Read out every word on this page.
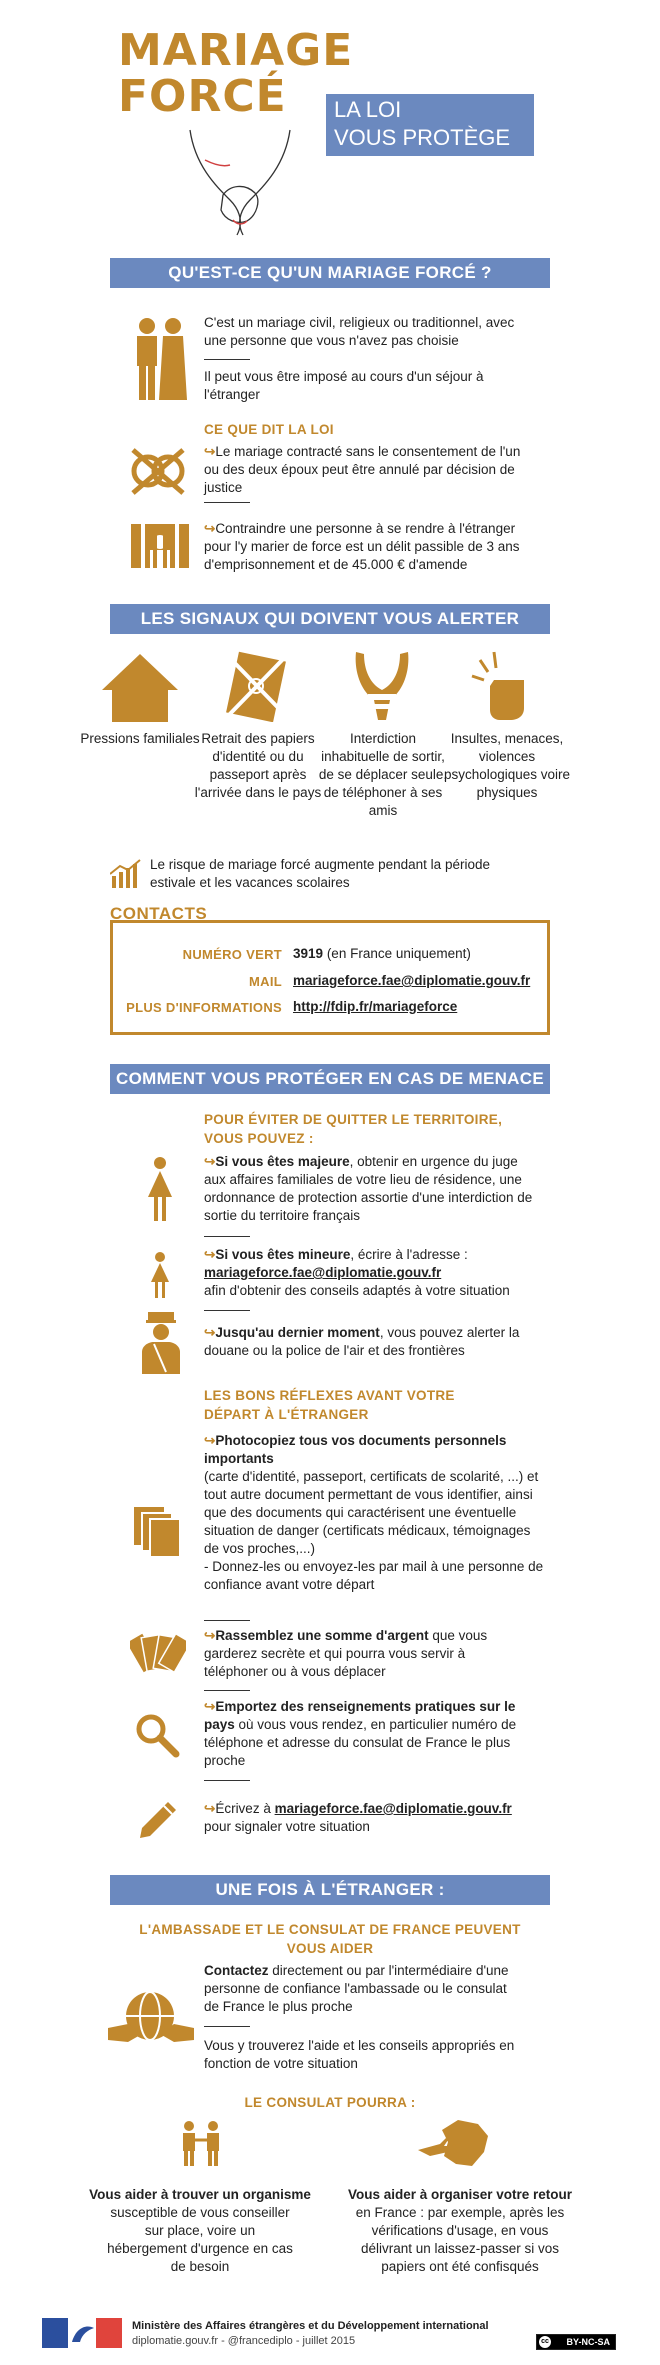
MARIAGE
FORCÉ	LA LOI
VOUS PROTÈGE
QU'EST-CE QU'UN MARIAGE FORCÉ ?
C'est un mariage civil, religieux ou traditionnel, avec une personne que vous n'avez pas choisie
Il peut vous être imposé au cours d'un séjour à l'étranger
CE QUE DIT LA LOI
↪Le mariage contracté sans le consentement de l'un ou des deux époux peut être annulé par décision de justice
↪Contraindre une personne à se rendre à l'étranger pour l'y marier de force est un délit passible de 3 ans d'emprisonnement et de 45.000 € d'amende
LES SIGNAUX QUI DOIVENT VOUS ALERTER
Pressions familiales Retrait des papiers d'identité ou du passeport après l'arrivée dans le pays
Interdiction inhabituelle de sortir, de se déplacer seule, de téléphoner à ses amis
Insultes, menaces, violences psychologiques voire physiques
Le risque de mariage forcé augmente pendant la période estivale et les vacances scolaires
CONTACTS
NUMÉRO VERT 3919 (en France uniquement)
MAIL mariageforce.fae@diplomatie.gouv.fr
PLUS D'INFORMATIONS http://fdip.fr/mariageforce
COMMENT VOUS PROTÉGER EN CAS DE MENACE
POUR ÉVITER DE QUITTER LE TERRITOIRE, VOUS POUVEZ :
↪Si vous êtes majeure, obtenir en urgence du juge aux affaires familiales de votre lieu de résidence, une ordonnance de protection assortie d'une interdiction de sortie du territoire français
↪Si vous êtes mineure, écrire à l'adresse :
mariageforce.fae@diplomatie.gouv.fr
afin d'obtenir des conseils adaptés à votre situation
↪Jusqu'au dernier moment, vous pouvez alerter la douane ou la police de l'air et des frontières
LES BONS RÉFLEXES AVANT VOTRE DÉPART À L'ÉTRANGER
↪Photocopiez tous vos documents personnels importants
(carte d'identité, passeport, certificats de scolarité, ...) et tout autre document permettant de vous identifier, ainsi que des documents qui caractérisent une éventuelle situation de danger (certificats médicaux, témoignages de vos proches,...)
- Donnez-les ou envoyez-les par mail à une personne de confiance avant votre départ
↪Rassemblez une somme d'argent que vous garderez secrète et qui pourra vous servir à téléphoner ou à vous déplacer
↪Emportez des renseignements pratiques sur le pays où vous vous rendez, en particulier numéro de téléphone et adresse du consulat de France le plus proche
↪Écrivez à mariageforce.fae@diplomatie.gouv.fr
pour signaler votre situation
UNE FOIS À L'ÉTRANGER :
L'AMBASSADE ET LE CONSULAT DE FRANCE PEUVENT VOUS AIDER
Contactez directement ou par l'intermédiaire d'une personne de confiance l'ambassade ou le consulat de France le plus proche
Vous y trouverez l'aide et les conseils appropriés en fonction de votre situation
LE CONSULAT POURRA :
Vous aider à trouver un organisme
susceptible de vous conseiller sur place, voire un hébergement d'urgence en cas de besoin
Vous aider à organiser votre retour
en France : par exemple, après les vérifications d'usage, en vous délivrant un laissez-passer si vos papiers ont été confisqués
Ministère des Affaires étrangères et du Développement international
diplomatie.gouv.fr - @francediplo - juillet 2015	cc BY-NC-SA
